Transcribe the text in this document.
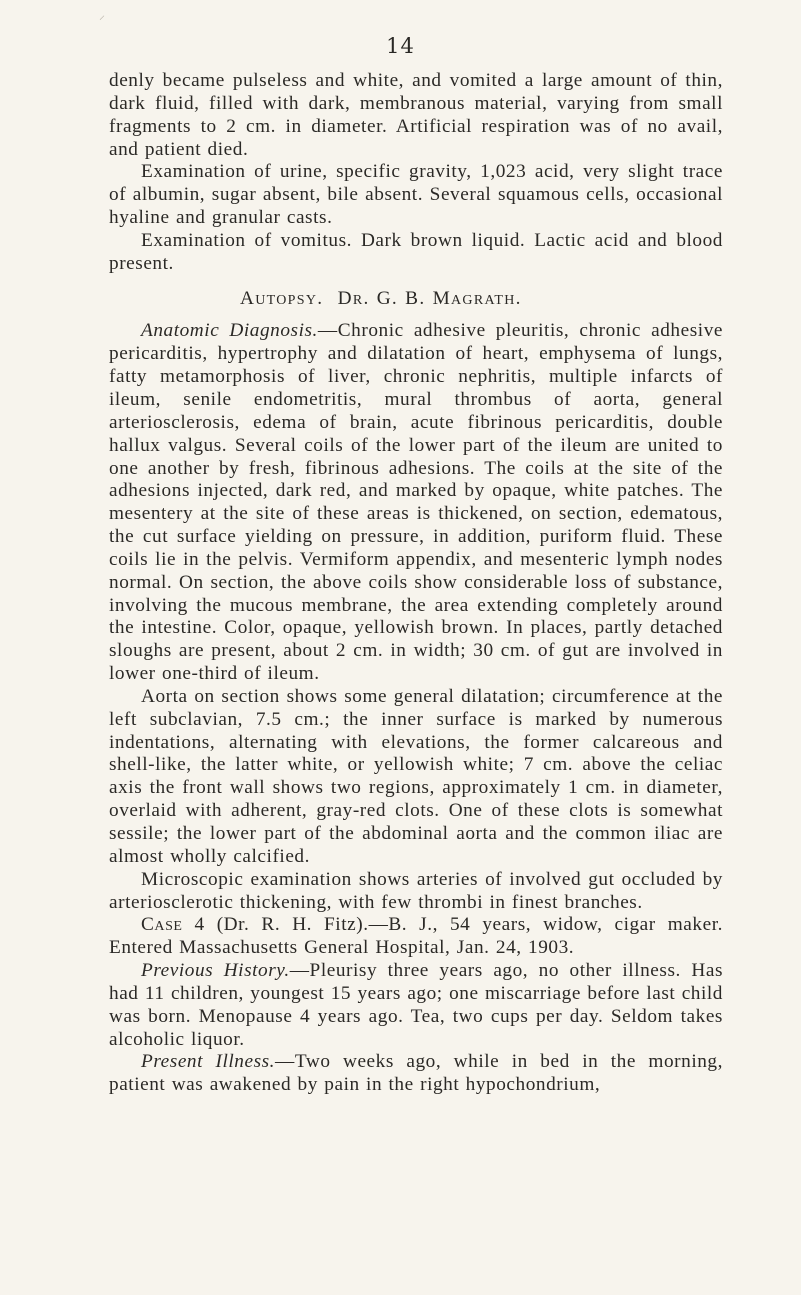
⸝
14

denly became pulseless and white, and vomited a large amount of thin, dark fluid, filled with dark, membranous material, varying from small fragments to 2 cm. in diameter. Artificial respiration was of no avail, and patient died.

Examination of urine, specific gravity, 1,023 acid, very slight trace of albumin, sugar absent, bile absent. Several squamous cells, occasional hyaline and granular casts.

Examination of vomitus. Dark brown liquid. Lactic acid and blood present.

Autopsy. Dr. G. B. Magrath.

Anatomic Diagnosis.—Chronic adhesive pleuritis, chronic adhesive pericarditis, hypertrophy and dilatation of heart, emphysema of lungs, fatty metamorphosis of liver, chronic nephritis, multiple infarcts of ileum, senile endometritis, mural thrombus of aorta, general arteriosclerosis, edema of brain, acute fibrinous pericarditis, double hallux valgus. Several coils of the lower part of the ileum are united to one another by fresh, fibrinous adhesions. The coils at the site of the adhesions injected, dark red, and marked by opaque, white patches. The mesentery at the site of these areas is thickened, on section, edematous, the cut surface yielding on pressure, in addition, puriform fluid. These coils lie in the pelvis. Vermiform appendix, and mesenteric lymph nodes normal. On section, the above coils show considerable loss of substance, involving the mucous membrane, the area extending completely around the intestine. Color, opaque, yellowish brown. In places, partly detached sloughs are present, about 2 cm. in width; 30 cm. of gut are involved in lower one-third of ileum.

Aorta on section shows some general dilatation; circumference at the left subclavian, 7.5 cm.; the inner surface is marked by numerous indentations, alternating with elevations, the former calcareous and shell-like, the latter white, or yellowish white; 7 cm. above the celiac axis the front wall shows two regions, approximately 1 cm. in diameter, overlaid with adherent, gray-red clots. One of these clots is somewhat sessile; the lower part of the abdominal aorta and the common iliac are almost wholly calcified.

Microscopic examination shows arteries of involved gut occluded by arteriosclerotic thickening, with few thrombi in finest branches.

Case 4 (Dr. R. H. Fitz).—B. J., 54 years, widow, cigar maker. Entered Massachusetts General Hospital, Jan. 24, 1903.

Previous History.—Pleurisy three years ago, no other illness. Has had 11 children, youngest 15 years ago; one miscarriage before last child was born. Menopause 4 years ago. Tea, two cups per day. Seldom takes alcoholic liquor.

Present Illness.—Two weeks ago, while in bed in the morning, patient was awakened by pain in the right hypochondrium,
